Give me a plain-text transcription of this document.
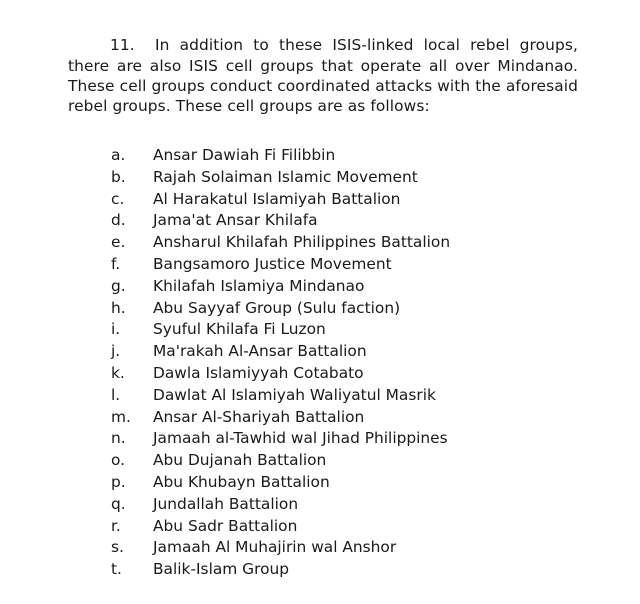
11. In addition to these ISIS-linked local rebel groups, there are also ISIS cell groups that operate all over Mindanao. These cell groups conduct coordinated attacks with the aforesaid rebel groups. These cell groups are as follows:

a. Ansar Dawiah Fi Filibbin
b. Rajah Solaiman Islamic Movement
c. Al Harakatul Islamiyah Battalion
d. Jama'at Ansar Khilafa
e. Ansharul Khilafah Philippines Battalion
f. Bangsamoro Justice Movement
g. Khilafah Islamiya Mindanao
h. Abu Sayyaf Group (Sulu faction)
i. Syuful Khilafa Fi Luzon
j. Ma'rakah Al-Ansar Battalion
k. Dawla Islamiyyah Cotabato
l. Dawlat Al Islamiyah Waliyatul Masrik
m. Ansar Al-Shariyah Battalion
n. Jamaah al-Tawhid wal Jihad Philippines
o. Abu Dujanah Battalion
p. Abu Khubayn Battalion
q. Jundallah Battalion
r. Abu Sadr Battalion
s. Jamaah Al Muhajirin wal Anshor
t. Balik-Islam Group
